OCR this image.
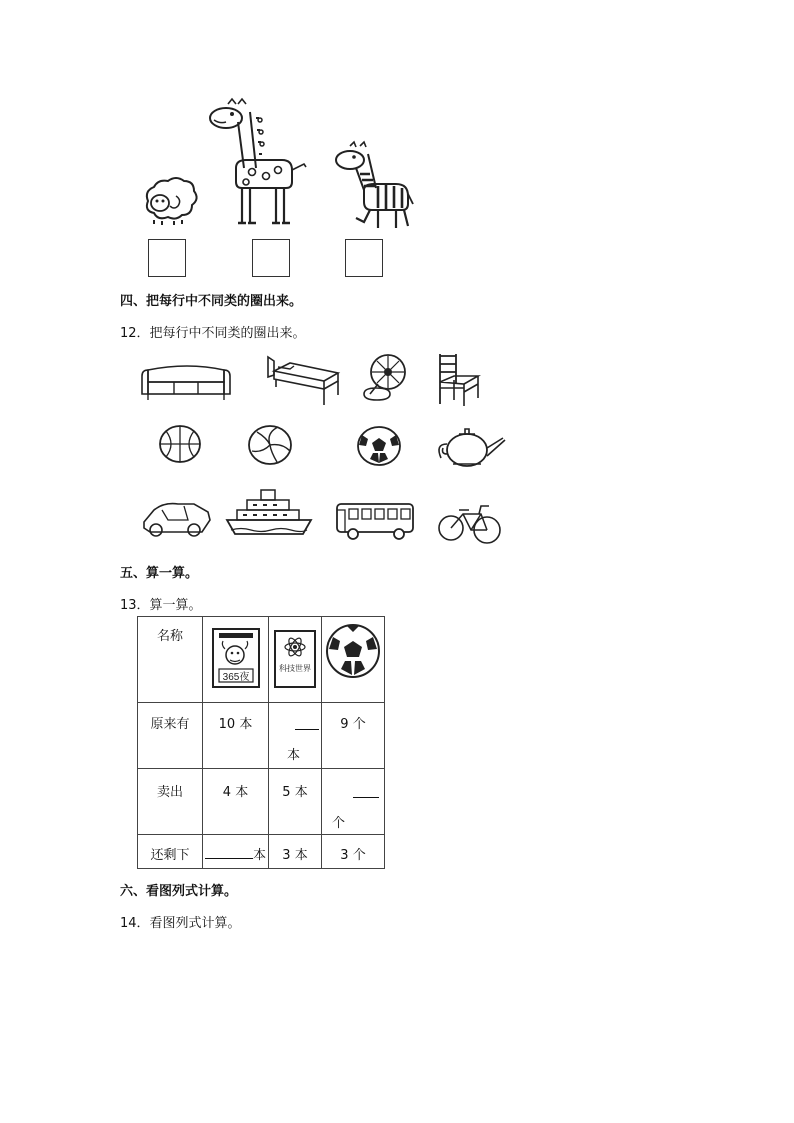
四、把每行中不同类的圈出来。
12．把每行中不同类的圈出来。
五、算一算。
13．算一算。
名称	365夜	科技世界

原来有	10 本	本	9 个

卖出	4 本	5 本	个

还剩下	本	3 本	3 个
六、看图列式计算。
14．看图列式计算。
